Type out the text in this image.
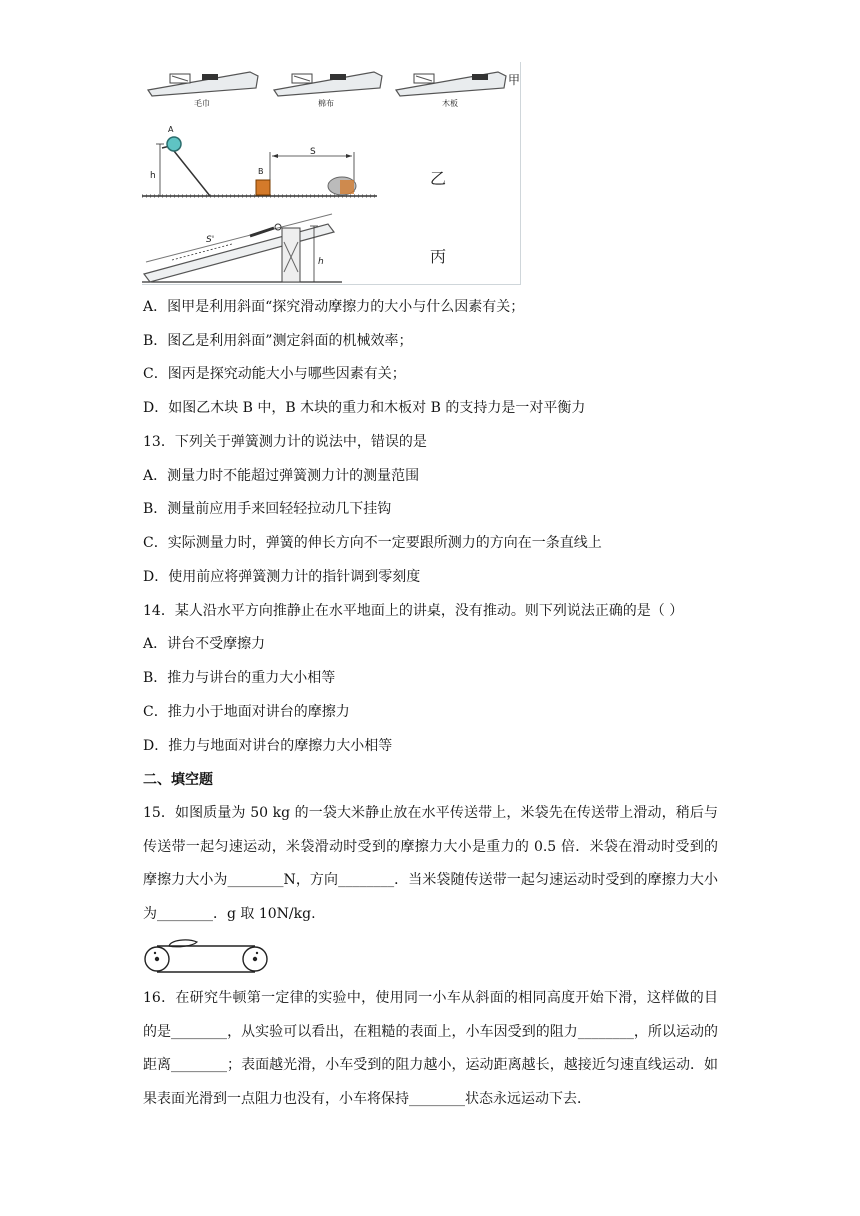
毛巾	棉布	木板
甲
A
h	B
S
乙
S'
h	丙
A．图甲是利用斜面“探究滑动摩擦力的大小与什么因素有关；
B．图乙是利用斜面”测定斜面的机械效率；
C．图丙是探究动能大小与哪些因素有关；
D．如图乙木块 B 中，B 木块的重力和木板对 B 的支持力是一对平衡力
13．下列关于弹簧测力计的说法中，错误的是
A．测量力时不能超过弹簧测力计的测量范围
B．测量前应用手来回轻轻拉动几下挂钩
C．实际测量力时，弹簧的伸长方向不一定要跟所测力的方向在一条直线上
D．使用前应将弹簧测力计的指针调到零刻度
14．某人沿水平方向推静止在水平地面上的讲桌，没有推动。则下列说法正确的是（ ）
A．讲台不受摩擦力
B．推力与讲台的重力大小相等
C．推力小于地面对讲台的摩擦力
D．推力与地面对讲台的摩擦力大小相等
二、填空题
15．如图质量为 50 kg 的一袋大米静止放在水平传送带上，米袋先在传送带上滑动，稍后与传送带一起匀速运动，米袋滑动时受到的摩擦力大小是重力的 0.5 倍．米袋在滑动时受到的摩擦力大小为________N，方向________．当米袋随传送带一起匀速运动时受到的摩擦力大小为________．g 取 10N/kg.
16．在研究牛顿第一定律的实验中，使用同一小车从斜面的相同高度开始下滑，这样做的目的是________，从实验可以看出，在粗糙的表面上，小车因受到的阻力________，所以运动的距离________；表面越光滑，小车受到的阻力越小，运动距离越长，越接近匀速直线运动．如果表面光滑到一点阻力也没有，小车将保持________状态永远运动下去．
